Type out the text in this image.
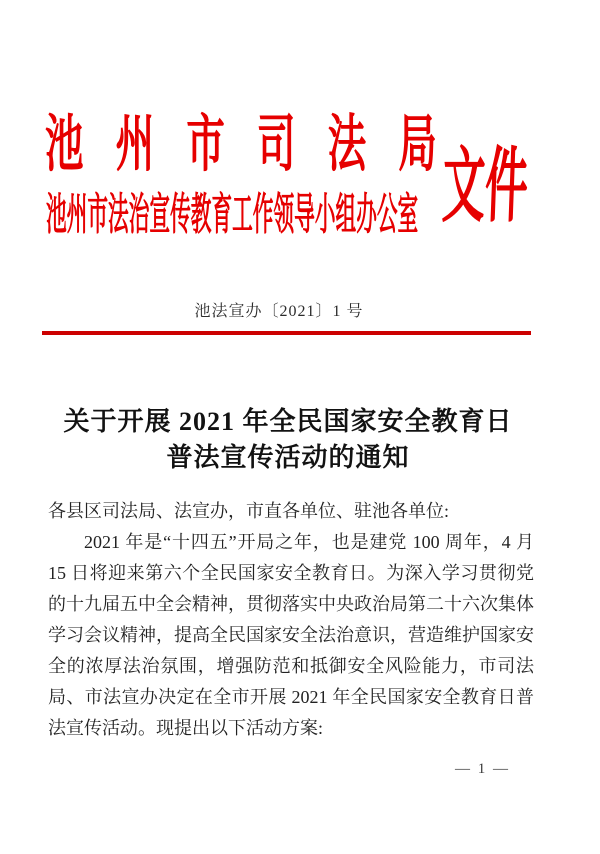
池州市司法局
池州市法治宣传教育工作领导小组办公室 文件
池法宣办〔2021〕1 号
关于开展 2021 年全民国家安全教育日
普法宣传活动的通知

各县区司法局、法宣办，市直各单位、驻池各单位:

2021 年是“十四五”开局之年，也是建党 100 周年，4 月 15 日将迎来第六个全民国家安全教育日。为深入学习贯彻党的十九届五中全会精神，贯彻落实中央政治局第二十六次集体学习会议精神，提高全民国家安全法治意识，营造维护国家安全的浓厚法治氛围，增强防范和抵御安全风险能力，市司法局、市法宣办决定在全市开展 2021 年全民国家安全教育日普法宣传活动。现提出以下活动方案:

— 1 —
